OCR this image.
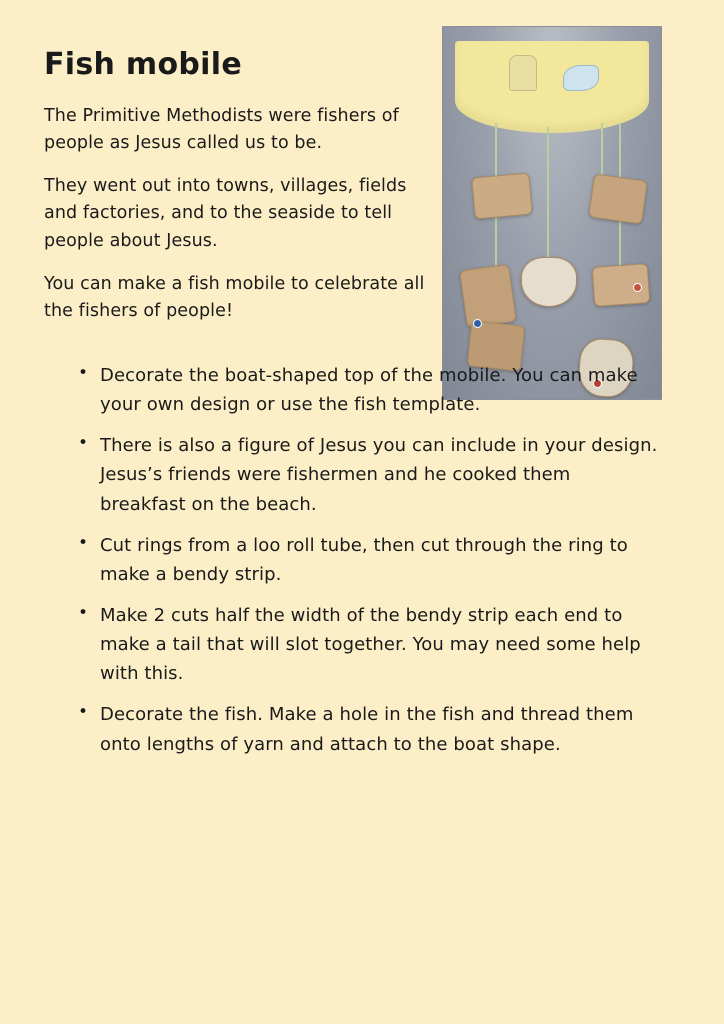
Fish mobile

The Primitive Methodists were fishers of people as Jesus called us to be.

They went out into towns, villages, fields and factories, and to the seaside to tell people about Jesus.

You can make a fish mobile to celebrate all the fishers of people!

• Decorate the boat-shaped top of the mobile. You can make your own design or use the fish template.
• There is also a figure of Jesus you can include in your design. Jesus’s friends were fishermen and he cooked them breakfast on the beach.
• Cut rings from a loo roll tube, then cut through the ring to make a bendy strip.
• Make 2 cuts half the width of the bendy strip each end to make a tail that will slot together. You may need some help with this.
• Decorate the fish. Make a hole in the fish and thread them onto lengths of yarn and attach to the boat shape.
